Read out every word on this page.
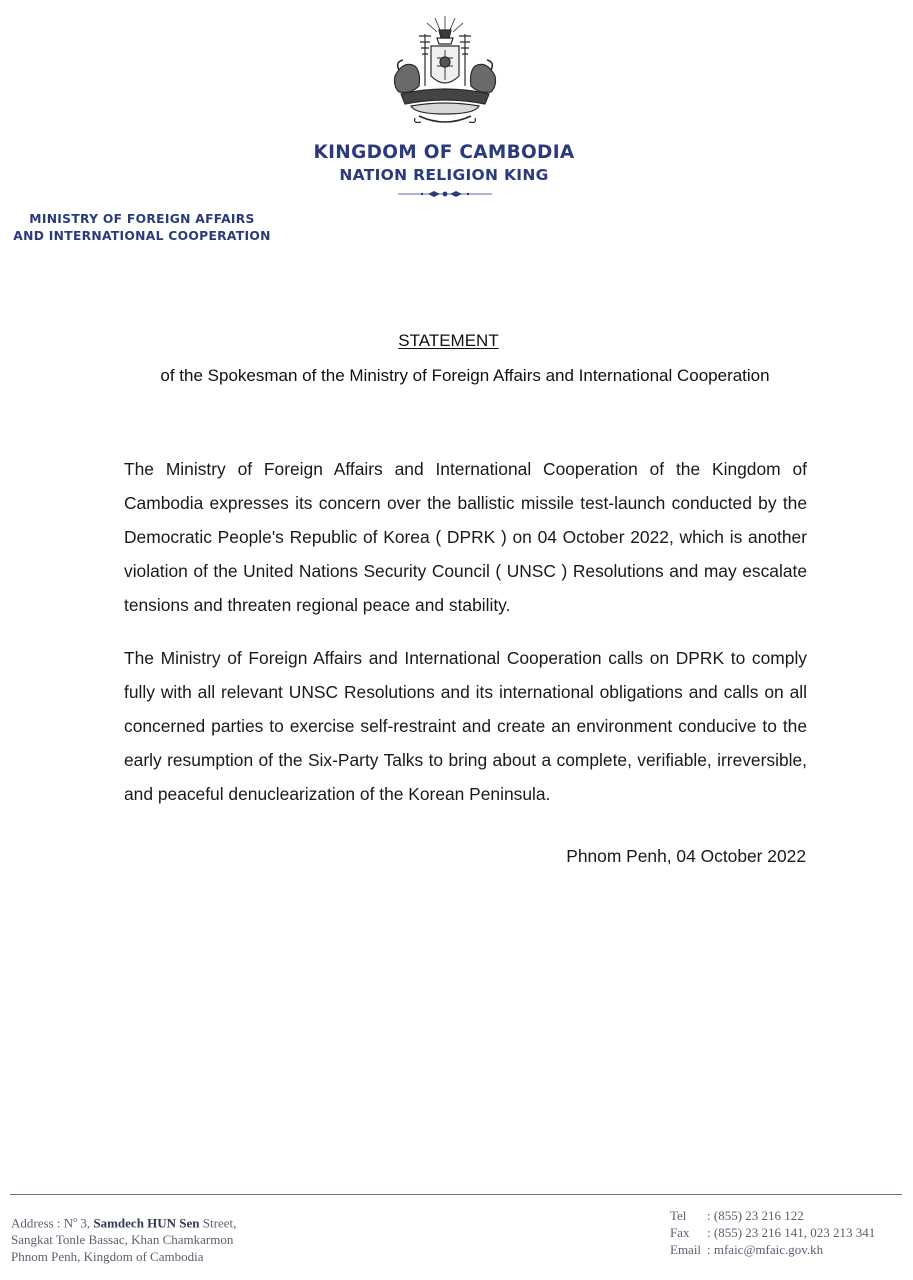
KINGDOM OF CAMBODIA
NATION RELIGION KING
MINISTRY OF FOREIGN AFFAIRS
AND INTERNATIONAL COOPERATION
STATEMENT
of the Spokesman of the Ministry of Foreign Affairs and International Cooperation
The Ministry of Foreign Affairs and International Cooperation of the Kingdom of Cambodia expresses its concern over the ballistic missile test-launch conducted by the Democratic People's Republic of Korea ( DPRK ) on 04 October 2022, which is another violation of the United Nations Security Council ( UNSC ) Resolutions and may escalate tensions and threaten regional peace and stability.
The Ministry of Foreign Affairs and International Cooperation calls on DPRK to comply fully with all relevant UNSC Resolutions and its international obligations and calls on all concerned parties to exercise self-restraint and create an environment conducive to the early resumption of the Six-Party Talks to bring about a complete, verifiable, irreversible, and peaceful denuclearization of the Korean Peninsula.
Phnom Penh, 04 October 2022
Address : $N^o$ 3, Samdech HUN Sen Street,
Sangkat Tonle Bassac, Khan Chamkarmon
Phnom Penh, Kingdom of Cambodia
Tel : (855) 23 216 122
Fax : (855) 23 216 141, 023 213 341
Email : mfaic@mfaic.gov.kh
